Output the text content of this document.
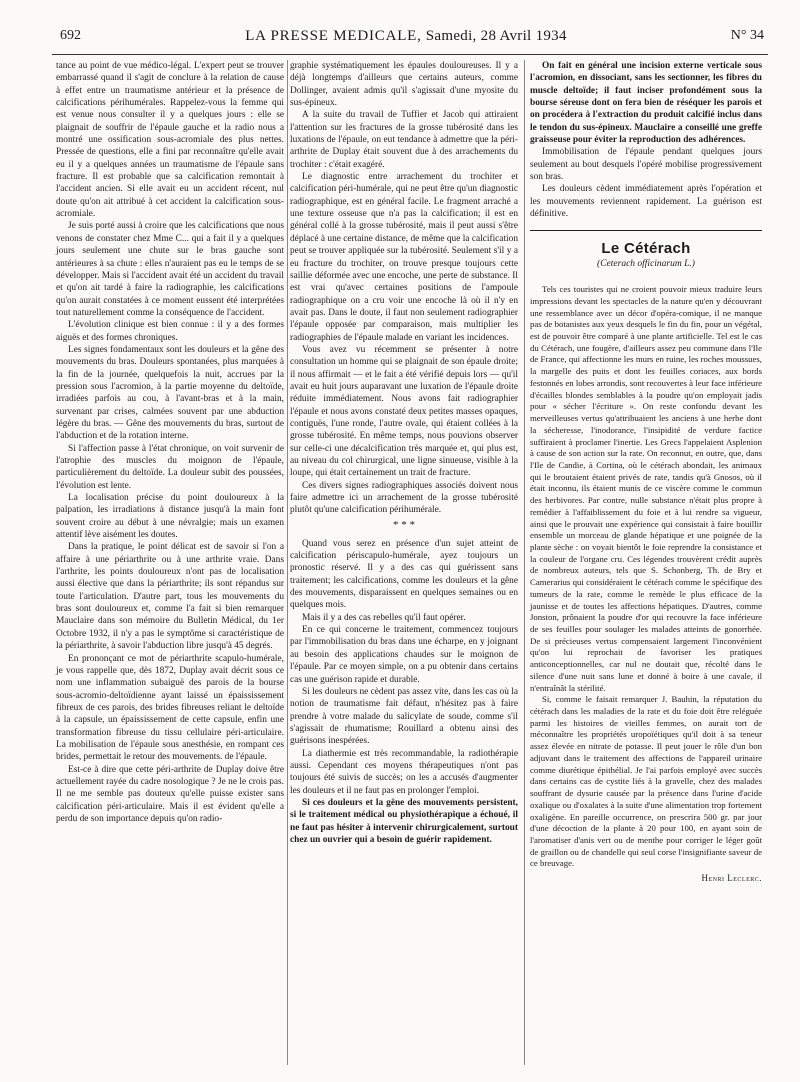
692	LA PRESSE MEDICALE, Samedi, 28 Avril 1934	N° 34

tance au point de vue médico-légal. L'expert peut se trouver embarrassé quand il s'agit de conclure à la relation de cause à effet entre un traumatisme antérieur et la présence de calcifications périhumérales. Rappelez-vous la femme qui est venue nous consulter il y a quelques jours : elle se plaignait de souffrir de l'épaule gauche et la radio nous a montré une ossification sous-acromiale des plus nettes. Pressée de questions, elle a fini par reconnaître qu'elle avait eu il y a quelques années un traumatisme de l'épaule sans fracture. Il est probable que sa calcification remontait à l'accident ancien. Si elle avait eu un accident récent, nul doute qu'on ait attribué à cet accident la calcification sous-acromiale.

Je suis porté aussi à croire que les calcifications que nous venons de constater chez Mme C... qui a fait il y a quelques jours seulement une chute sur le bras gauche sont antérieures à sa chute : elles n'auraient pas eu le temps de se développer. Mais si l'accident avait été un accident du travail et qu'on ait tardé à faire la radiographie, les calcifications qu'on aurait constatées à ce moment eussent été interprétées tout naturellement comme la conséquence de l'accident.

L'évolution clinique est bien connue : il y a des formes aiguës et des formes chroniques.

Les signes fondamentaux sont les douleurs et la gêne des mouvements du bras. Douleurs spontanées, plus marquées à la fin de la journée, quelquefois la nuit, accrues par la pression sous l'acromion, à la partie moyenne du deltoïde, irradiées parfois au cou, à l'avant-bras et à la main, survenant par crises, calmées souvent par une abduction légère du bras. — Gêne des mouvements du bras, surtout de l'abduction et de la rotation interne.

Si l'affection passe à l'état chronique, on voit survenir de l'atrophie des muscles du moignon de l'épaule, particulièrement du deltoïde. La douleur subit des poussées, l'évolution est lente.

La localisation précise du point douloureux à la palpation, les irradiations à distance jusqu'à la main font souvent croire au début à une névralgie; mais un examen attentif lève aisément les doutes.

Dans la pratique, le point délicat est de savoir si l'on a affaire à une périarthrite ou à une arthrite vraie. Dans l'arthrite, les points douloureux n'ont pas de localisation aussi élective que dans la périarthrite; ils sont répandus sur toute l'articulation. D'autre part, tous les mouvements du bras sont douloureux et, comme l'a fait si bien remarquer Mauclaire dans son mémoire du Bulletin Médical, du 1er Octobre 1932, il n'y a pas le symptôme si caractéristique de la périarthrite, à savoir l'abduction libre jusqu'à 45 degrés.

En prononçant ce mot de périarthrite scapulo-humérale, je vous rappelle que, dès 1872, Duplay avait décrit sous ce nom une inflammation subaiguë des parois de la bourse sous-acromio-deltoïdienne ayant laissé un épaississement fibreux de ces parois, des brides fibreuses reliant le deltoïde à la capsule, un épaississement de cette capsule, enfin une transformation fibreuse du tissu cellulaire péri-articulaire. La mobilisation de l'épaule sous anesthésie, en rompant ces brides, permettait le retour des mouvements. de l'épaule.

Est-ce à dire que cette péri-arthrite de Duplay doive être actuellement rayée du cadre nosologique ? Je ne le crois pas. Il ne me semble pas douteux qu'elle puisse exister sans calcification péri-articulaire. Mais il est évident qu'elle a perdu de son importance depuis qu'on radio-

graphie systématiquement les épaules douloureuses. Il y a déjà longtemps d'ailleurs que certains auteurs, comme Dollinger, avaient admis qu'il s'agissait d'une myosite du sus-épineux.

A la suite du travail de Tuffier et Jacob qui attiraient l'attention sur les fractures de la grosse tubérosité dans les luxations de l'épaule, on eut tendance à admettre que la péri-arthrite de Duplay était souvent due à des arrachements du trochiter : c'était exagéré.

Le diagnostic entre arrachement du trochiter et calcification péri-humérale, qui ne peut être qu'un diagnostic radiographique, est en général facile. Le fragment arraché a une texture osseuse que n'a pas la calcification; il est en général collé à la grosse tubérosité, mais il peut aussi s'être déplacé à une certaine distance, de même que la calcification peut se trouver appliquée sur la tubérosité. Seulement s'il y a eu fracture du trochiter, on trouve presque toujours cette saillie déformée avec une encoche, une perte de substance. Il est vrai qu'avec certaines positions de l'ampoule radiographique on a cru voir une encoche là où il n'y en avait pas. Dans le doute, il faut non seulement radiographier l'épaule opposée par comparaison, mais multiplier les radiographies de l'épaule malade en variant les incidences.

Vous avez vu récemment se présenter à notre consultation un homme qui se plaignait de son épaule droite; il nous affirmait — et le fait a été vérifié depuis lors — qu'il avait eu huit jours auparavant une luxation de l'épaule droite réduite immédiatement. Nous avons fait radiographier l'épaule et nous avons constaté deux petites masses opaques, contiguës, l'une ronde, l'autre ovale, qui étaient collées à la grosse tubérosité. En même temps, nous pouvions observer sur celle-ci une décalcification très marquée et, qui plus est, au niveau du col chirurgical, une ligne sinueuse, visible à la loupe, qui était certainement un trait de fracture.

Ces divers signes radiographiques associés doivent nous faire admettre ici un arrachement de la grosse tubérosité plutôt qu'une calcification périhumérale.

* * *

Quand vous serez en présence d'un sujet atteint de calcification périscapulo-humérale, ayez toujours un pronostic réservé. Il y a des cas qui guérissent sans traitement; les calcifications, comme les douleurs et la gêne des mouvements, disparaissent en quelques semaines ou en quelques mois.

Mais il y a des cas rebelles qu'il faut opérer.

En ce qui concerne le traitement, commencez toujours par l'immobilisation du bras dans une écharpe, en y joignant au besoin des applications chaudes sur le moignon de l'épaule. Par ce moyen simple, on a pu obtenir dans certains cas une guérison rapide et durable.

Si les douleurs ne cèdent pas assez vite, dans les cas où la notion de traumatisme fait défaut, n'hésitez pas à faire prendre à votre malade du salicylate de soude, comme s'il s'agissait de rhumatisme; Rouillard a obtenu ainsi des guérisons inespérées.

La diathermie est très recommandable, la radiothérapie aussi. Cependant ces moyens thérapeutiques n'ont pas toujours été suivis de succès; on les a accusés d'augmenter les douleurs et il ne faut pas en prolonger l'emploi.

Si ces douleurs et la gêne des mouvements persistent, si le traitement médical ou physiothérapique a échoué, il ne faut pas hésiter à intervenir chirurgicalement, surtout chez un ouvrier qui a besoin de guérir rapidement.

On fait en général une incision externe verticale sous l'acromion, en dissociant, sans les sectionner, les fibres du muscle deltoïde; il faut inciser profondément sous la bourse séreuse dont on fera bien de réséquer les parois et on procédera à l'extraction du produit calcifié inclus dans le tendon du sus-épineux. Mauclaire a conseillé une greffe graisseuse pour éviter la reproduction des adhérences.

Immobilisation de l'épaule pendant quelques jours seulement au bout desquels l'opéré mobilise progressivement son bras.

Les douleurs cèdent immédiatement après l'opération et les mouvements reviennent rapidement. La guérison est définitive.

Le Cétérach
(Ceterach officinarum L.)

Tels ces touristes qui ne croient pouvoir mieux traduire leurs impressions devant les spectacles de la nature qu'en y découvrant une ressemblance avec un décor d'opéra-comique, il ne manque pas de botanistes aux yeux desquels le fin du fin, pour un végétal, est de pouvoir être comparé à une plante artificielle. Tel est le cas du Cétérach, une fougère, d'ailleurs assez peu commune dans l'Ile de France, qui affectionne les murs en ruine, les roches moussues, la margelle des puits et dont les feuilles coriaces, aux bords festonnés en lobes arrondis, sont recouvertes à leur face inférieure d'écailles blondes semblables à la poudre qu'on employait jadis pour « sécher l'écriture ». On reste confondu devant les merveilleuses vertus qu'attribuaient les anciens à une herbe dont la sécheresse, l'inodorance, l'insipidité de verdure factice suffiraient à proclamer l'inertie. Les Grecs l'appelaient Asplenion à cause de son action sur la rate. On reconnut, en outre, que, dans l'Ile de Candie, à Cortina, où le cétérach abondait, les animaux qui le broutaient étaient privés de rate, tandis qu'à Gnosos, où il était inconnu, ils étaient munis de ce viscère comme le commun des herbivores. Par contre, nulle substance n'était plus propre à remédier à l'affaiblissement du foie et à lui rendre sa vigueur, ainsi que le prouvait une expérience qui consistait à faire bouillir ensemble un morceau de glande hépatique et une poignée de la plante sèche : on voyait bientôt le foie reprendre la consistance et la couleur de l'organe cru. Ces légendes trouvèrent crédit auprès de nombreux auteurs, tels que S. Schonberg, Th. de Bry et Camerarius qui considéraient le cétérach comme le spécifique des tumeurs de la rate, comme le remède le plus efficace de la jaunisse et de toutes les affections hépatiques. D'autres, comme Jonston, prônaient la poudre d'or qui recouvre la face inférieure de ses feuilles pour soulager les malades atteints de gonorrhée. De si précieuses vertus compensaient largement l'inconvénient qu'on lui reprochait de favoriser les pratiques anticonceptionnelles, car nul ne doutait que, récolté dans le silence d'une nuit sans lune et donné à boire à une cavale, il n'entraînât la stérilité.

Si, comme le faisait remarquer J. Bauhin, la réputation du cétérach dans les maladies de la rate et du foie doit être reléguée parmi les histoires de vieilles femmes, on aurait tort de méconnaître les propriétés uropoïétiques qu'il doit à sa teneur assez élevée en nitrate de potasse. Il peut jouer le rôle d'un bon adjuvant dans le traitement des affections de l'appareil urinaire comme diurétique épithélial. Je l'ai parfois employé avec succès dans certains cas de cystite liés à la gravelle, chez des malades souffrant de dysurie causée par la présence dans l'urine d'acide oxalique ou d'oxalates à la suite d'une alimentation trop fortement oxaligène. En pareille occurrence, on prescrira 500 gr. par jour d'une décoction de la plante à 20 pour 100, en ayant soin de l'aromatiser d'anis vert ou de menthe pour corriger le léger goût de graillon ou de chandelle qui seul corse l'insignifiante saveur de ce breuvage.

Henri Leclerc.
